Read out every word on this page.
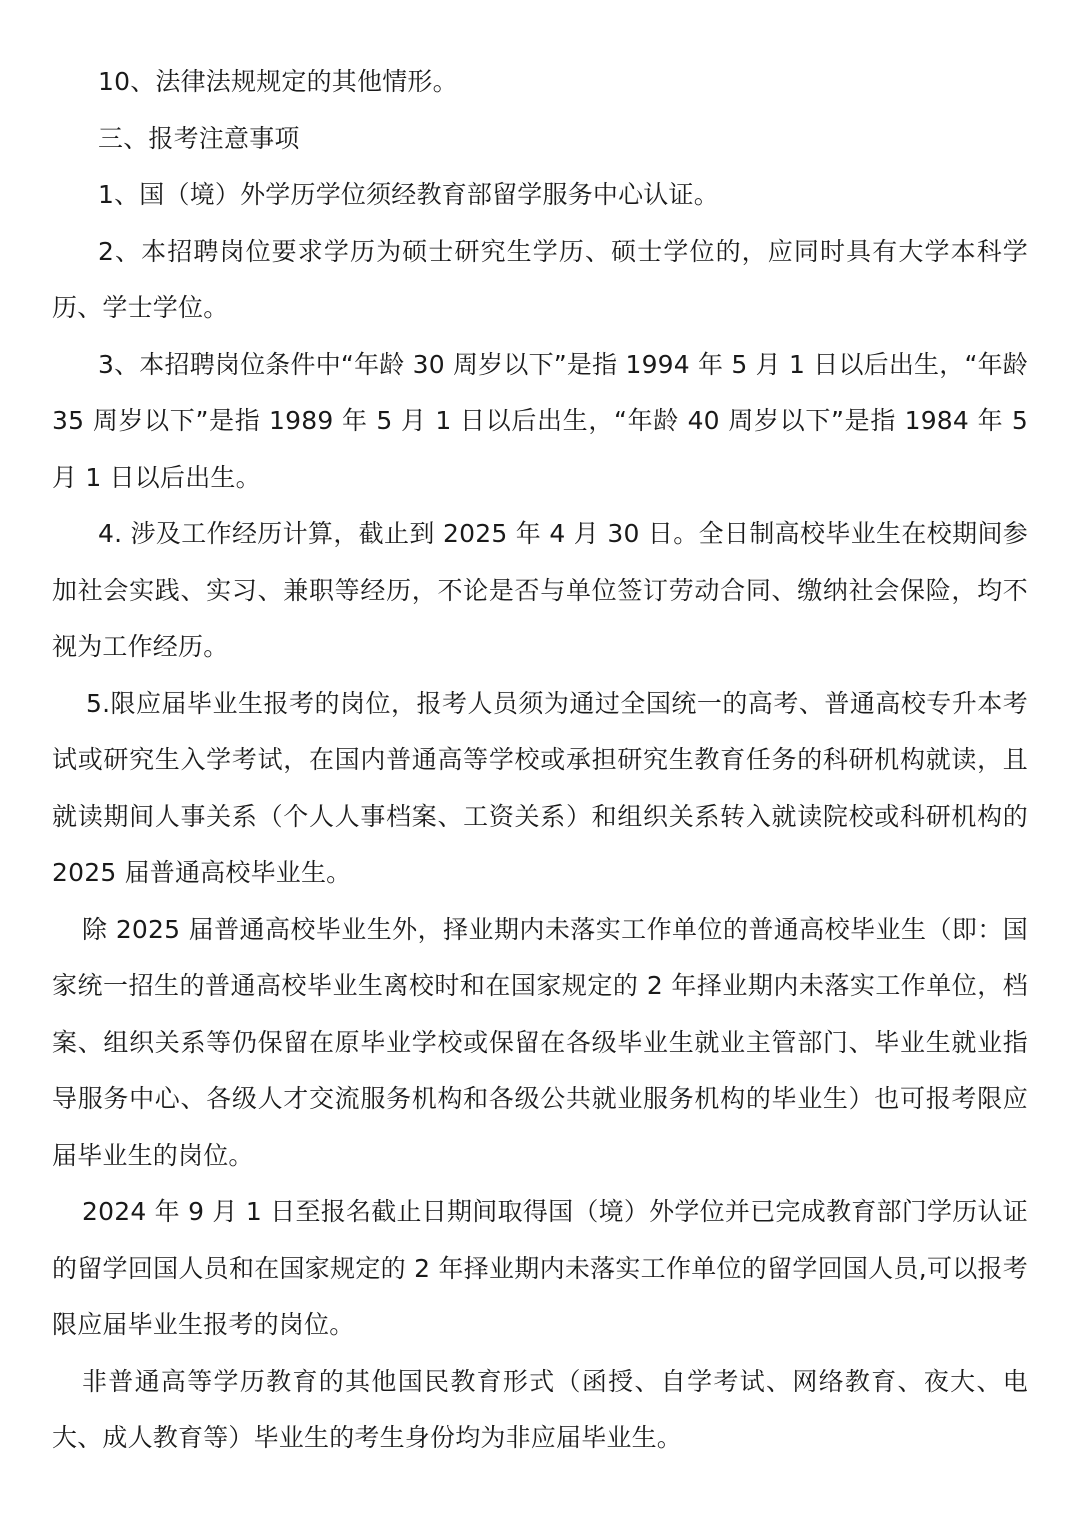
10、法律法规规定的其他情形。

三、报考注意事项

1、国（境）外学历学位须经教育部留学服务中心认证。

2、本招聘岗位要求学历为硕士研究生学历、硕士学位的，应同时具有大学本科学历、学士学位。

3、本招聘岗位条件中“年龄 30 周岁以下”是指 1994 年 5 月 1 日以后出生，“年龄 35 周岁以下”是指 1989 年 5 月 1 日以后出生，“年龄 40 周岁以下”是指 1984 年 5 月 1 日以后出生。

4. 涉及工作经历计算，截止到 2025 年 4 月 30 日。全日制高校毕业生在校期间参加社会实践、实习、兼职等经历，不论是否与单位签订劳动合同、缴纳社会保险，均不视为工作经历。

5.限应届毕业生报考的岗位，报考人员须为通过全国统一的高考、普通高校专升本考试或研究生入学考试，在国内普通高等学校或承担研究生教育任务的科研机构就读，且就读期间人事关系（个人人事档案、工资关系）和组织关系转入就读院校或科研机构的 2025 届普通高校毕业生。

除 2025 届普通高校毕业生外，择业期内未落实工作单位的普通高校毕业生（即：国家统一招生的普通高校毕业生离校时和在国家规定的 2 年择业期内未落实工作单位，档案、组织关系等仍保留在原毕业学校或保留在各级毕业生就业主管部门、毕业生就业指导服务中心、各级人才交流服务机构和各级公共就业服务机构的毕业生）也可报考限应届毕业生的岗位。

2024 年 9 月 1 日至报名截止日期间取得国（境）外学位并已完成教育部门学历认证的留学回国人员和在国家规定的 2 年择业期内未落实工作单位的留学回国人员,可以报考限应届毕业生报考的岗位。

非普通高等学历教育的其他国民教育形式（函授、自学考试、网络教育、夜大、电大、成人教育等）毕业生的考生身份均为非应届毕业生。
